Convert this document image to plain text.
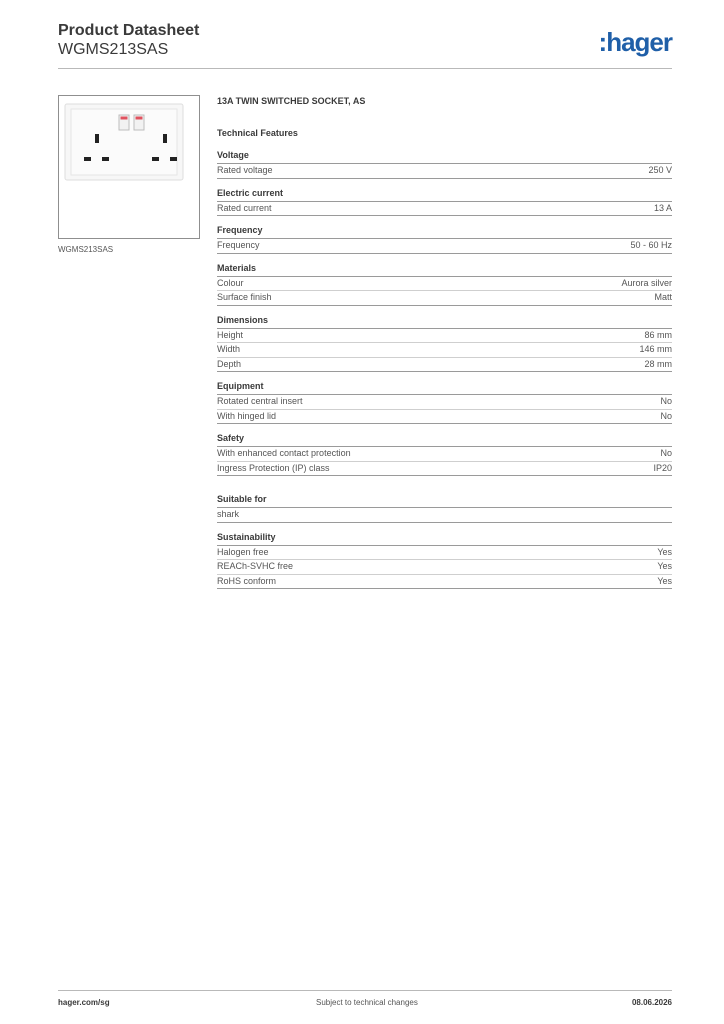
Product Datasheet
WGMS213SAS	:hager
WGMS213SAS
13A TWIN SWITCHED SOCKET, AS
Technical Features
Voltage
Rated voltage	250 V
Electric current
Rated current	13 A
Frequency
Frequency	50 - 60 Hz
Materials
Colour	Aurora silver
Surface finish	Matt
Dimensions
Height	86 mm
Width	146 mm
Depth	28 mm
Equipment
Rotated central insert	No
With hinged lid	No
Safety
With enhanced contact protection	No
Ingress Protection (IP) class	IP20
Suitable for
shark
Sustainability
Halogen free	Yes
REACh-SVHC free	Yes
RoHS conform	Yes
hager.com/sg	Subject to technical changes	08.06.2026
